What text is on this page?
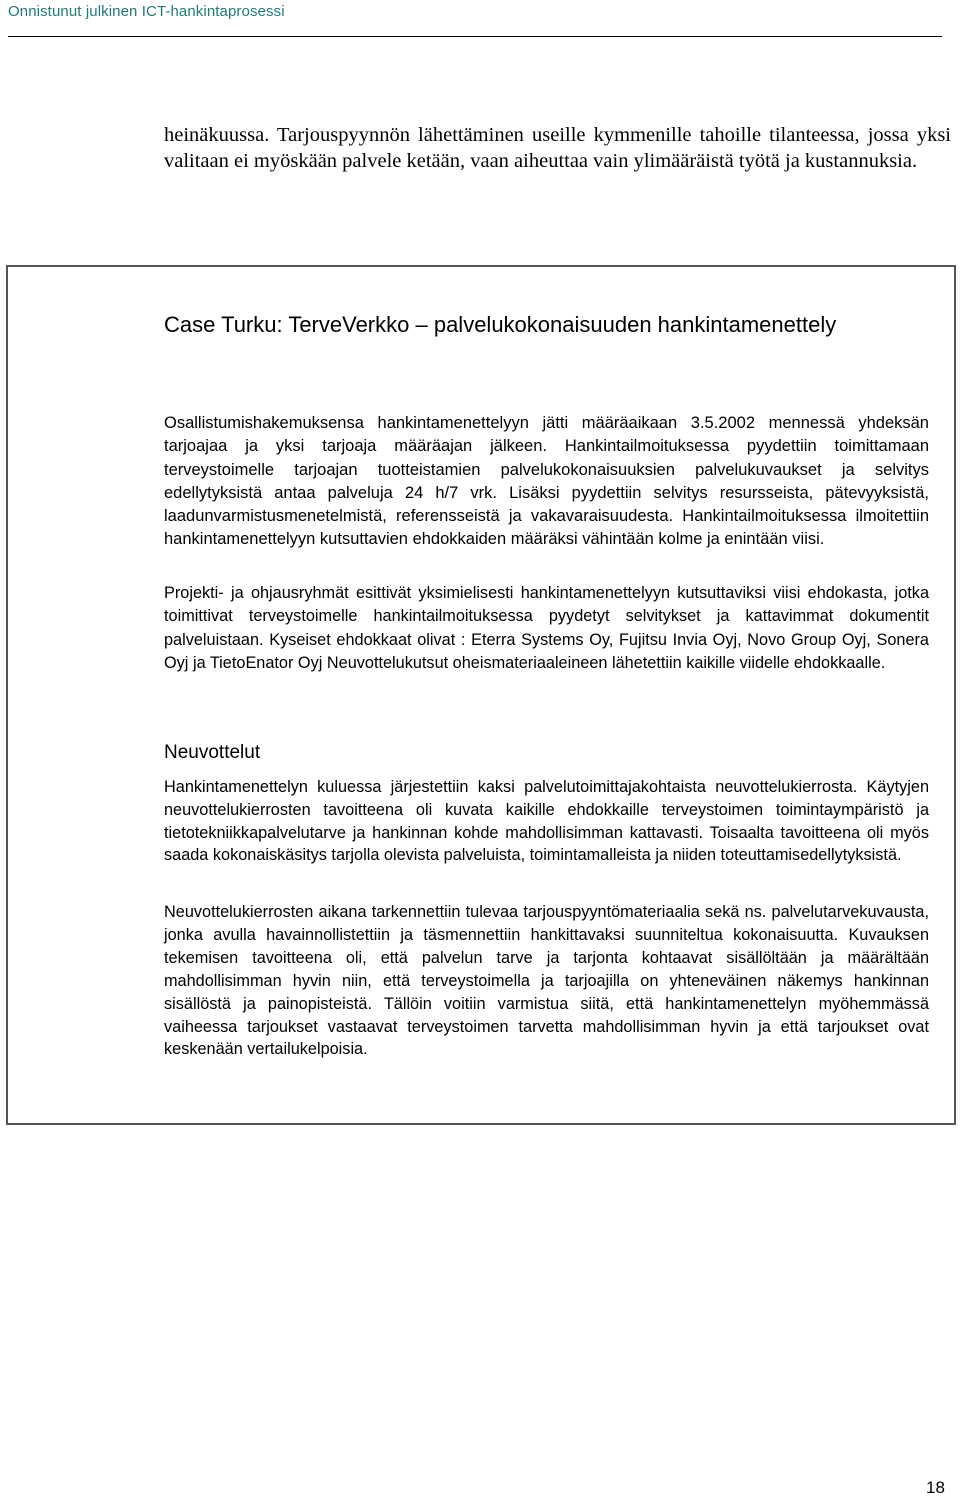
Onnistunut julkinen ICT-hankintaprosessi

heinäkuussa. Tarjouspyynnön lähettäminen useille kymmenille tahoille tilanteessa, jossa yksi valitaan ei myöskään palvele ketään, vaan aiheuttaa vain ylimääräistä työtä ja kustannuksia.

Case Turku: TerveVerkko – palvelukokonaisuuden hankintamenettely

Osallistumishakemuksensa hankintamenettelyyn jätti määräaikaan 3.5.2002 mennessä yhdeksän tarjoajaa ja yksi tarjoaja määräajan jälkeen. Hankintailmoituksessa pyydettiin toimittamaan terveystoimelle tarjoajan tuotteistamien palvelukokonaisuuksien palvelukuvaukset ja selvitys edellytyksistä antaa palveluja 24 h/7 vrk. Lisäksi pyydettiin selvitys resursseista, pätevyyksistä, laadunvarmistusmenetelmistä, referensseistä ja vakavaraisuudesta. Hankintailmoituksessa ilmoitettiin hankintamenettelyyn kutsuttavien ehdokkaiden määräksi vähintään kolme ja enintään viisi.

Projekti- ja ohjausryhmät esittivät yksimielisesti hankintamenettelyyn kutsuttaviksi viisi ehdokasta, jotka toimittivat terveystoimelle hankintailmoituksessa pyydetyt selvitykset ja kattavimmat dokumentit palveluistaan. Kyseiset ehdokkaat olivat : Eterra Systems Oy, Fujitsu Invia Oyj, Novo Group Oyj, Sonera Oyj ja TietoEnator Oyj Neuvottelukutsut oheismateriaaleineen lähetettiin kaikille viidelle ehdokkaalle.

Neuvottelut

Hankintamenettelyn kuluessa järjestettiin kaksi palvelutoimittajakohtaista neuvottelukierrosta. Käytyjen neuvottelukierrosten tavoitteena oli kuvata kaikille ehdokkaille terveystoimen toimintaympäristö ja tietotekniikkapalvelutarve ja hankinnan kohde mahdollisimman kattavasti. Toisaalta tavoitteena oli myös saada kokonaiskäsitys tarjolla olevista palveluista, toimintamalleista ja niiden toteuttamisedellytyksistä.

Neuvottelukierrosten aikana tarkennettiin tulevaa tarjouspyyntömateriaalia sekä ns. palvelutarvekuvausta, jonka avulla havainnollistettiin ja täsmennettiin hankittavaksi suunniteltua kokonaisuutta. Kuvauksen tekemisen tavoitteena oli, että palvelun tarve ja tarjonta kohtaavat sisällöltään ja määrältään mahdollisimman hyvin niin, että terveystoimella ja tarjoajilla on yhteneväinen näkemys hankinnan sisällöstä ja painopisteistä. Tällöin voitiin varmistua siitä, että hankintamenettelyn myöhemmässä vaiheessa tarjoukset vastaavat terveystoimen tarvetta mahdollisimman hyvin ja että tarjoukset ovat keskenään vertailukelpoisia.

18
